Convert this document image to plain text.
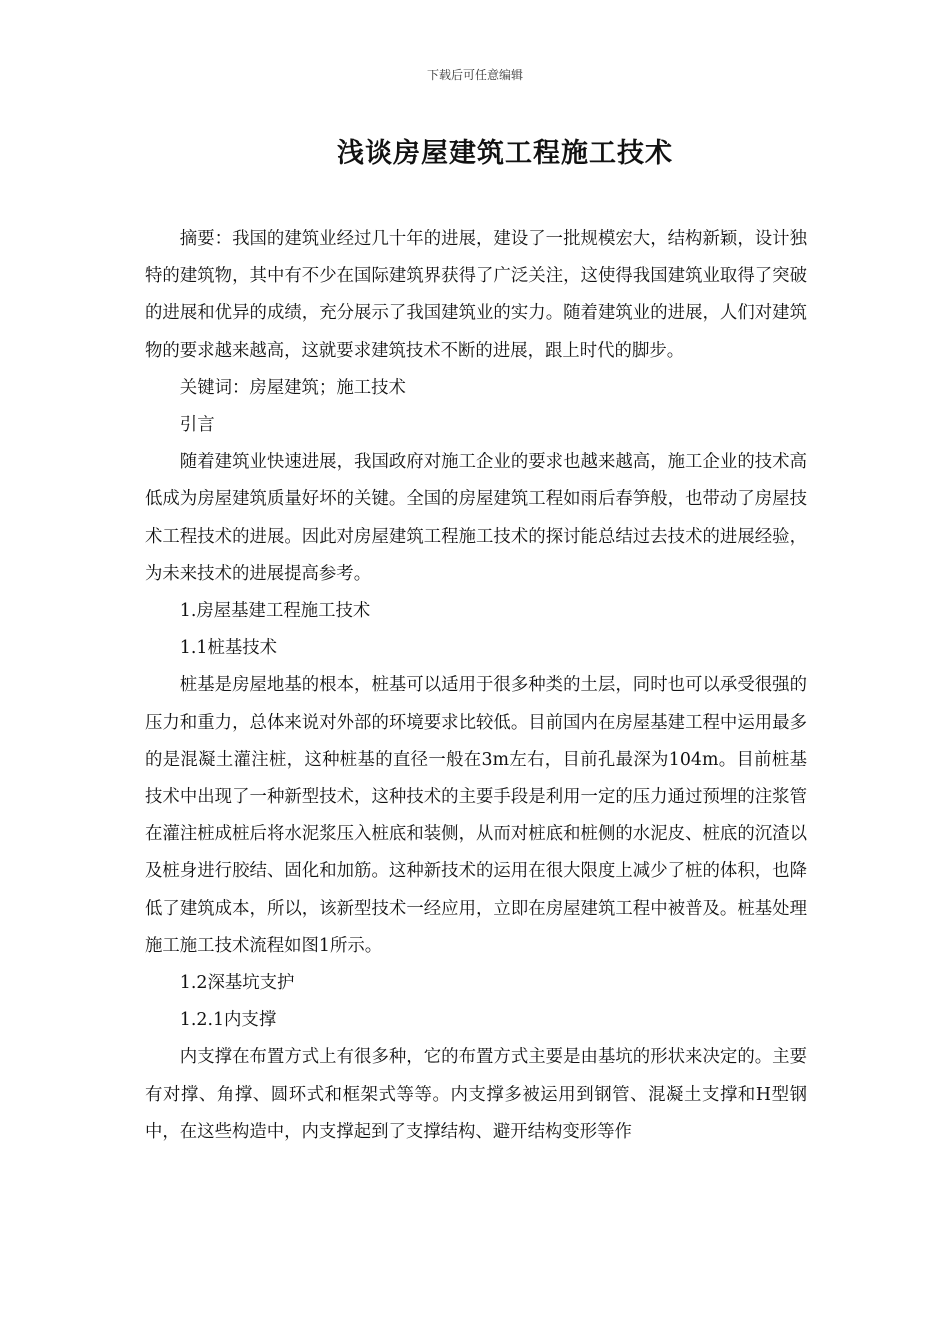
下载后可任意编辑
浅谈房屋建筑工程施工技术

摘要：我国的建筑业经过几十年的进展，建设了一批规模宏大，结构新颖，设计独特的建筑物，其中有不少在国际建筑界获得了广泛关注，这使得我国建筑业取得了突破的进展和优异的成绩，充分展示了我国建筑业的实力。随着建筑业的进展，人们对建筑物的要求越来越高，这就要求建筑技术不断的进展，跟上时代的脚步。

关键词：房屋建筑；施工技术

引言

随着建筑业快速进展，我国政府对施工企业的要求也越来越高，施工企业的技术高低成为房屋建筑质量好坏的关键。全国的房屋建筑工程如雨后春笋般，也带动了房屋技术工程技术的进展。因此对房屋建筑工程施工技术的探讨能总结过去技术的进展经验，为未来技术的进展提高参考。

1.房屋基建工程施工技术

1.1桩基技术

桩基是房屋地基的根本，桩基可以适用于很多种类的土层，同时也可以承受很强的压力和重力，总体来说对外部的环境要求比较低。目前国内在房屋基建工程中运用最多的是混凝土灌注桩，这种桩基的直径一般在3m左右，目前孔最深为104m。目前桩基技术中出现了一种新型技术，这种技术的主要手段是利用一定的压力通过预埋的注浆管在灌注桩成桩后将水泥浆压入桩底和装侧，从而对桩底和桩侧的水泥皮、桩底的沉渣以及桩身进行胶结、固化和加筋。这种新技术的运用在很大限度上减少了桩的体积，也降低了建筑成本，所以，该新型技术一经应用，立即在房屋建筑工程中被普及。桩基处理施工施工技术流程如图1所示。

1.2深基坑支护

1.2.1内支撑

内支撑在布置方式上有很多种，它的布置方式主要是由基坑的形状来决定的。主要有对撑、角撑、圆环式和框架式等等。内支撑多被运用到钢管、混凝土支撑和H型钢中，在这些构造中，内支撑起到了支撑结构、避开结构变形等作
